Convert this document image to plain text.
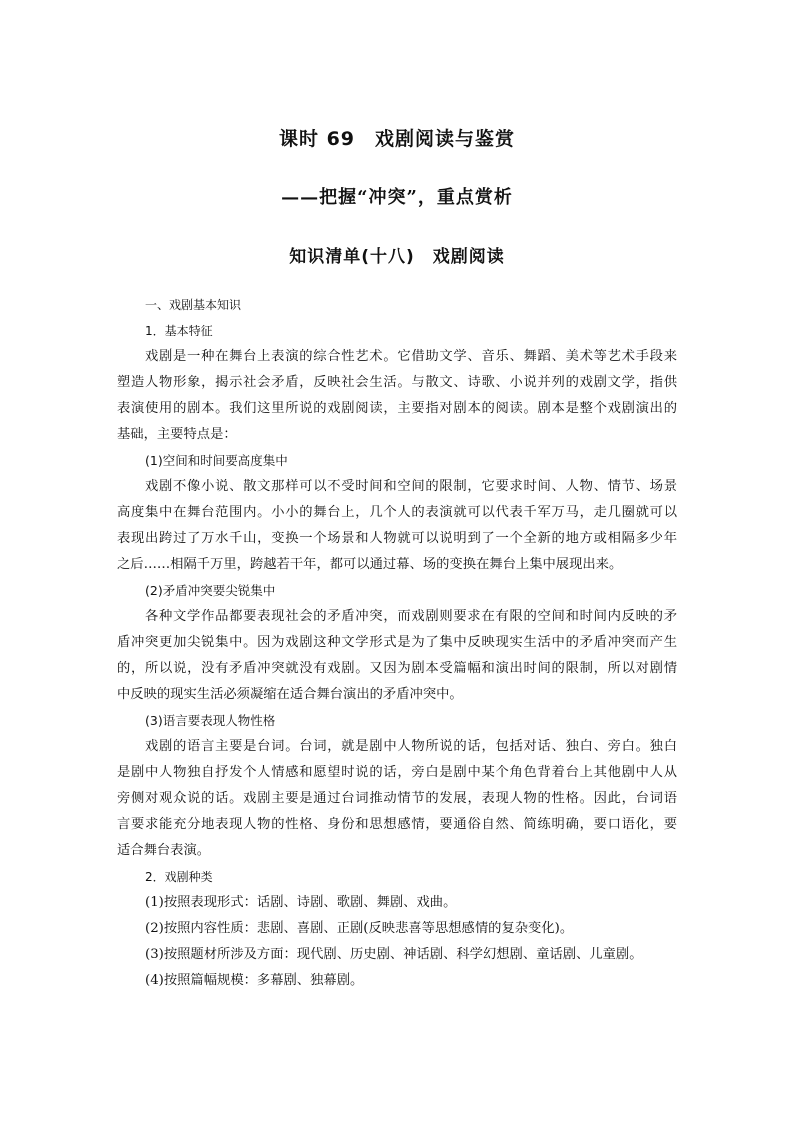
课时 69　戏剧阅读与鉴赏
——把握“冲突”，重点赏析
知识清单(十八)　戏剧阅读
一、戏剧基本知识
1．基本特征
戏剧是一种在舞台上表演的综合性艺术。它借助文学、音乐、舞蹈、美术等艺术手段来
塑造人物形象，揭示社会矛盾，反映社会生活。与散文、诗歌、小说并列的戏剧文学，指供
表演使用的剧本。我们这里所说的戏剧阅读，主要指对剧本的阅读。剧本是整个戏剧演出的
基础，主要特点是：
(1)空间和时间要高度集中
戏剧不像小说、散文那样可以不受时间和空间的限制，它要求时间、人物、情节、场景
高度集中在舞台范围内。小小的舞台上，几个人的表演就可以代表千军万马，走几圈就可以
表现出跨过了万水千山，变换一个场景和人物就可以说明到了一个全新的地方或相隔多少年
之后……相隔千万里，跨越若干年，都可以通过幕、场的变换在舞台上集中展现出来。
(2)矛盾冲突要尖锐集中
各种文学作品都要表现社会的矛盾冲突，而戏剧则要求在有限的空间和时间内反映的矛
盾冲突更加尖锐集中。因为戏剧这种文学形式是为了集中反映现实生活中的矛盾冲突而产生
的，所以说，没有矛盾冲突就没有戏剧。又因为剧本受篇幅和演出时间的限制，所以对剧情
中反映的现实生活必须凝缩在适合舞台演出的矛盾冲突中。
(3)语言要表现人物性格
戏剧的语言主要是台词。台词，就是剧中人物所说的话，包括对话、独白、旁白。独白
是剧中人物独自抒发个人情感和愿望时说的话，旁白是剧中某个角色背着台上其他剧中人从
旁侧对观众说的话。戏剧主要是通过台词推动情节的发展，表现人物的性格。因此，台词语
言要求能充分地表现人物的性格、身份和思想感情，要通俗自然、简练明确，要口语化，要
适合舞台表演。
2．戏剧种类
(1)按照表现形式：话剧、诗剧、歌剧、舞剧、戏曲。
(2)按照内容性质：悲剧、喜剧、正剧(反映悲喜等思想感情的复杂变化)。
(3)按照题材所涉及方面：现代剧、历史剧、神话剧、科学幻想剧、童话剧、儿童剧。
(4)按照篇幅规模：多幕剧、独幕剧。
